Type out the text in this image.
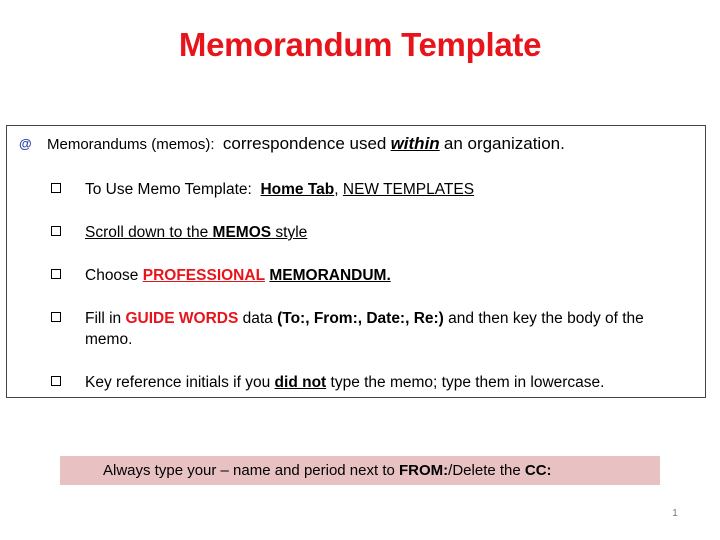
Memorandum Template
@ Memorandums (memos): correspondence used within an organization.
To Use Memo Template: Home Tab, NEW TEMPLATES
Scroll down to the MEMOS style
Choose PROFESSIONAL MEMORANDUM.
Fill in GUIDE WORDS data (To:, From:, Date:, Re:) and then key the body of the memo.
Key reference initials if you did not type the memo; type them in lowercase.
Always type your – name and period next to FROM:/Delete the CC:
1
